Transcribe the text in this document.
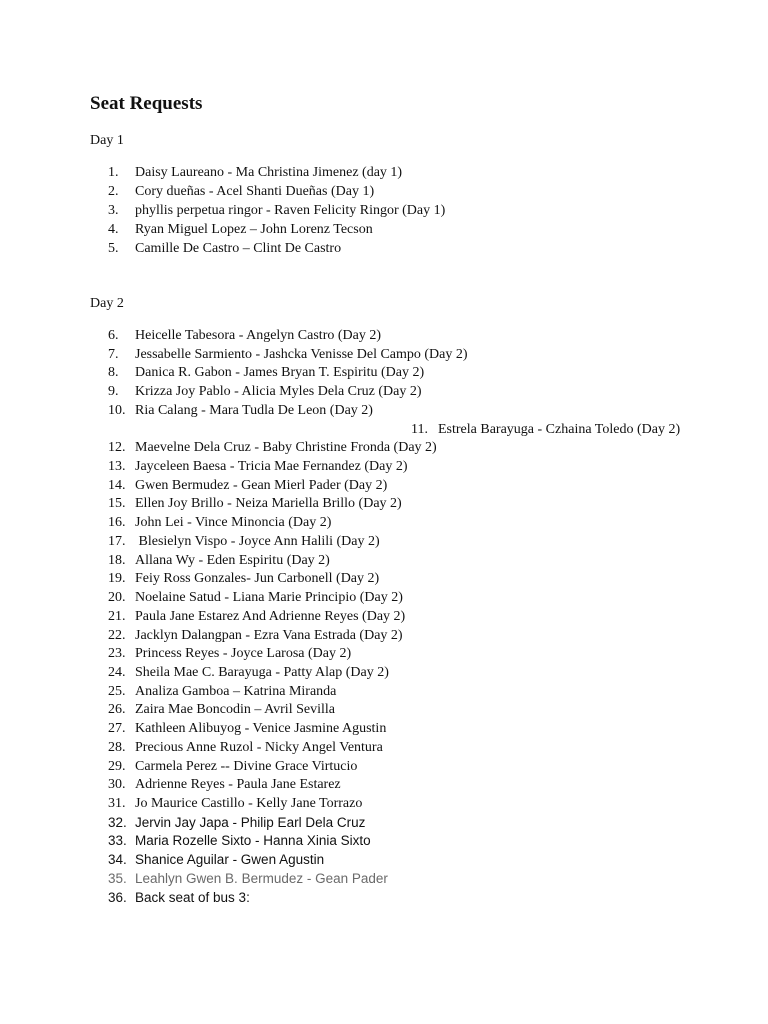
Seat Requests
Day 1
Day 2
1. Daisy Laureano - Ma Christina Jimenez (day 1)
2. Cory dueñas - Acel Shanti Dueñas (Day 1)
3. phyllis perpetua ringor - Raven Felicity Ringor (Day 1)
4. Ryan Miguel Lopez – John Lorenz Tecson
5. Camille De Castro – Clint De Castro
6. Heicelle Tabesora - Angelyn Castro (Day 2)
7. Jessabelle Sarmiento - Jashcka Venisse Del Campo (Day 2)
8. Danica R. Gabon - James Bryan T. Espiritu (Day 2)
9. Krizza Joy Pablo - Alicia Myles Dela Cruz (Day 2)
10. Ria Calang - Mara Tudla De Leon (Day 2)
11. Estrela Barayuga - Czhaina Toledo (Day 2)
12. Maevelne Dela Cruz - Baby Christine Fronda (Day 2)
13. Jayceleen Baesa - Tricia Mae Fernandez (Day 2)
14. Gwen Bermudez - Gean Mierl Pader (Day 2)
15. Ellen Joy Brillo - Neiza Mariella Brillo (Day 2)
16. John Lei - Vince Minoncia (Day 2)
17. Blesielyn Vispo - Joyce Ann Halili (Day 2)
18. Allana Wy - Eden Espiritu (Day 2)
19. Feiy Ross Gonzales- Jun Carbonell (Day 2)
20. Noelaine Satud - Liana Marie Principio (Day 2)
21. Paula Jane Estarez And Adrienne Reyes (Day 2)
22. Jacklyn Dalangpan - Ezra Vana Estrada (Day 2)
23. Princess Reyes - Joyce Larosa (Day 2)
24. Sheila Mae C. Barayuga - Patty Alap (Day 2)
25. Analiza Gamboa – Katrina Miranda
26. Zaira Mae Boncodin – Avril Sevilla
27. Kathleen Alibuyog - Venice Jasmine Agustin
28. Precious Anne Ruzol - Nicky Angel Ventura
29. Carmela Perez -- Divine Grace Virtucio
30. Adrienne Reyes - Paula Jane Estarez
31. Jo Maurice Castillo - Kelly Jane Torrazo
32. Jervin Jay Japa - Philip Earl Dela Cruz
33. Maria Rozelle Sixto - Hanna Xinia Sixto
34. Shanice Aguilar - Gwen Agustin
35. Leahlyn Gwen B. Bermudez - Gean Pader
36. Back seat of bus 3:
